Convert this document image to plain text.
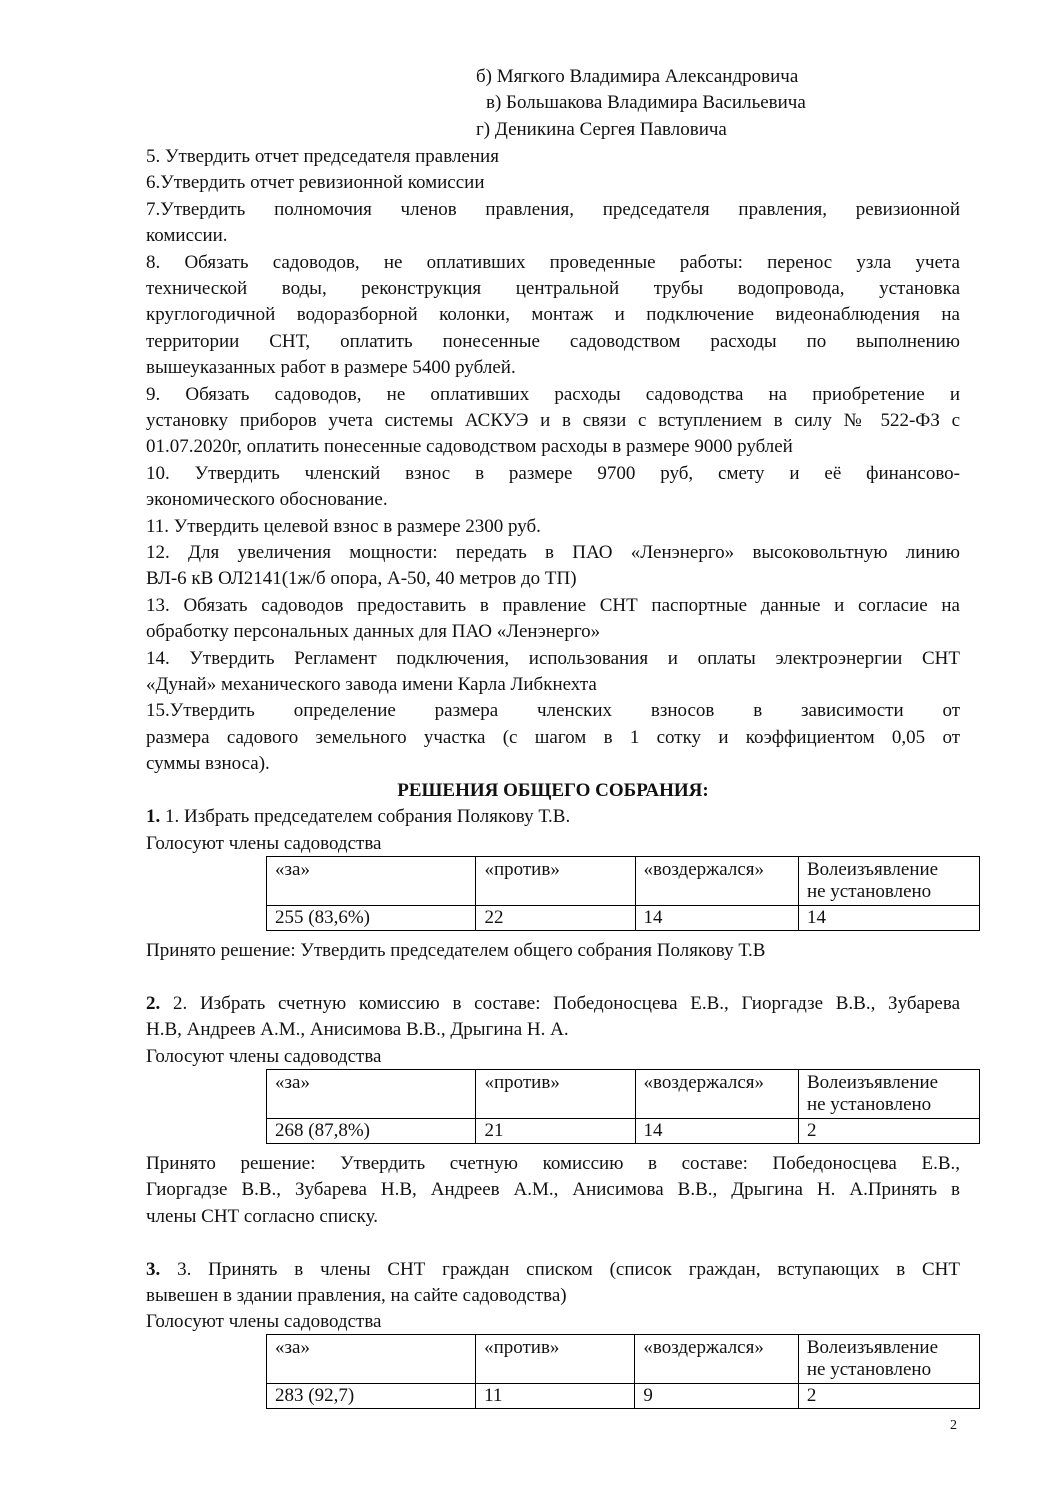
б) Мягкого Владимира Александровича
в) Большакова Владимира Васильевича
г) Деникина Сергея Павловича
5. Утвердить отчет председателя правления
6.Утвердить отчет ревизионной комиссии
7.Утвердить полномочия членов правления, председателя правления, ревизионной
комиссии.
8. Обязать садоводов, не оплативших проведенные работы: перенос узла учета
технической воды, реконструкция центральной трубы водопровода, установка
круглогодичной водоразборной колонки, монтаж и подключение видеонаблюдения на
территории СНТ, оплатить понесенные садоводством расходы по выполнению
вышеуказанных работ в размере 5400 рублей.
9. Обязать садоводов, не оплативших расходы садоводства на приобретение и
установку приборов учета системы АСКУЭ и в связи с вступлением в силу № 522-ФЗ с
01.07.2020г, оплатить понесенные садоводством расходы в размере 9000 рублей
10. Утвердить членский взнос в размере 9700 руб, смету и её финансово-
экономического обоснование.
11. Утвердить целевой взнос в размере 2300 руб.
12. Для увеличения мощности: передать в ПАО «Ленэнерго» высоковольтную линию
ВЛ-6 кВ ОЛ2141(1ж/б опора, А-50, 40 метров до ТП)
13. Обязать садоводов предоставить в правление СНТ паспортные данные и согласие на
обработку персональных данных для ПАО «Ленэнерго»
14. Утвердить Регламент подключения, использования и оплаты электроэнергии СНТ
«Дунай» механического завода имени Карла Либкнехта
15.Утвердить определение размера членских взносов в зависимости от
размера садового земельного участка (с шагом в 1 сотку и коэффициентом 0,05 от
суммы взноса).
РЕШЕНИЯ ОБЩЕГО СОБРАНИЯ:
1. 1. Избрать председателем собрания Полякову Т.В.
Голосуют члены садоводства
«за»	«против»	«воздержался»	Волеизъявление
не установлено
255 (83,6%)	22	14	14
Принято решение: Утвердить председателем общего собрания Полякову Т.В
2. 2. Избрать счетную комиссию в составе: Победоносцева Е.В., Гиоргадзе В.В., Зубарева
Н.В, Андреев А.М., Анисимова В.В., Дрыгина Н. А.
Голосуют члены садоводства
«за»	«против»	«воздержался»	Волеизъявление
не установлено
268 (87,8%)	21	14	2
Принято решение: Утвердить счетную комиссию в составе: Победоносцева Е.В.,
Гиоргадзе В.В., Зубарева Н.В, Андреев А.М., Анисимова В.В., Дрыгина Н. А.Принять в
члены СНТ согласно списку.
3. 3. Принять в члены СНТ граждан списком (список граждан, вступающих в СНТ
вывешен в здании правления, на сайте садоводства)
Голосуют члены садоводства
«за»	«против»	«воздержался»	Волеизъявление
не установлено
283 (92,7)	11	9	2
2
